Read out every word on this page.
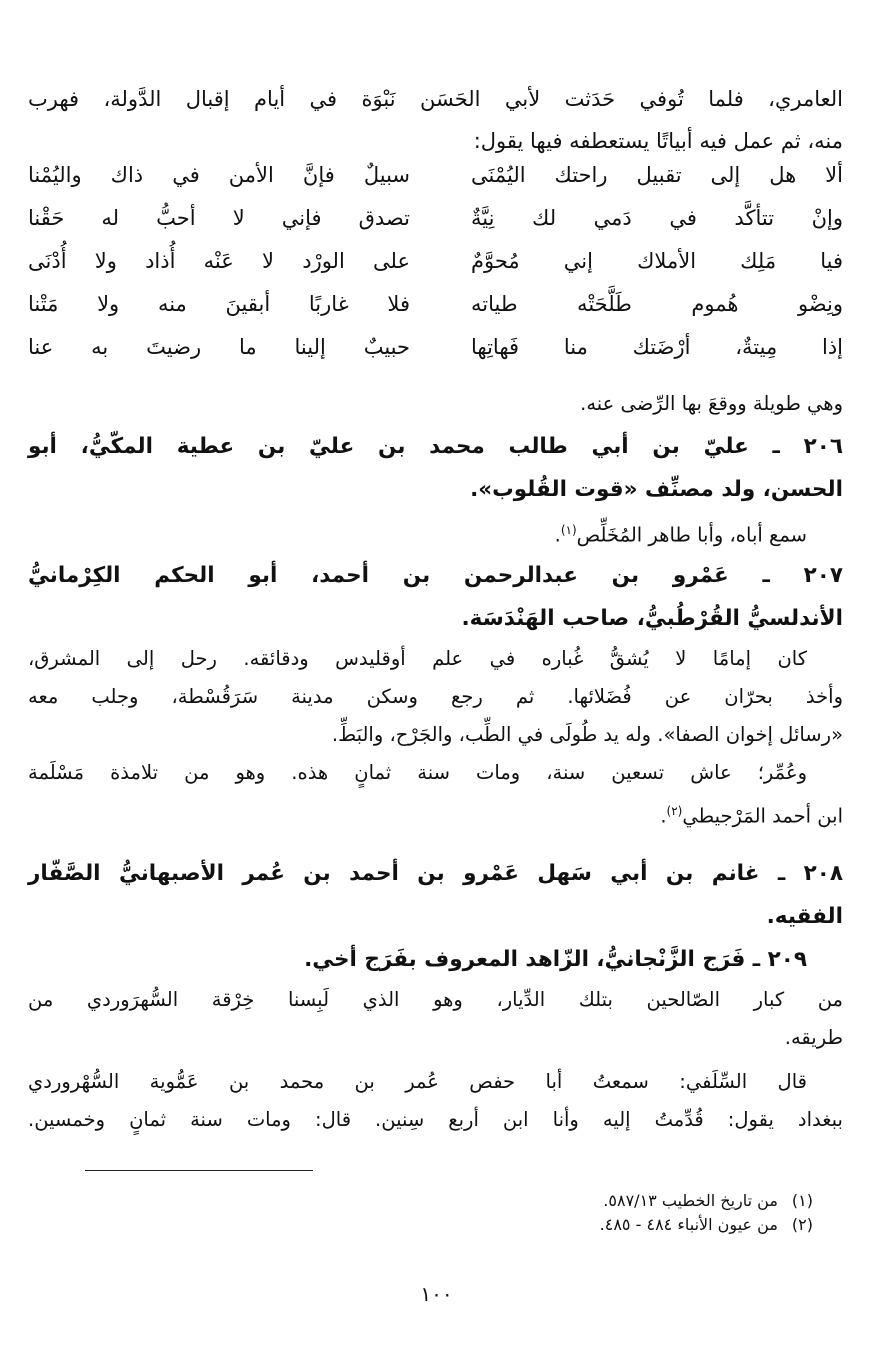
العامري، فلما تُوفي حَدَثت لأبي الحَسَن نَبْوَة في أيام إقبال الدَّولة، فهرب

منه، ثم عمل فيه أبياتًا يستعطفه فيها يقول:

ألا هل إلى تقبيل راحتك اليُمْنَى
سبيلٌ فإنَّ الأمن في ذاك واليُمْنا
وإنْ تتأكَّد في دَمي لك نِيَّةٌ
تصدق فإني لا أحبُّ له حَقْنا
فيا مَلِك الأملاك إني مُحوَّمٌ
على الورْد لا عَنْه أُذاد ولا أُدْنَى
ونِضْو هُموم طَلَّحَتْه طياته
فلا غاربًا أبقينَ منه ولا مَتْنا
إذا مِيتةٌ، أرْضَتك منا فَهاتِها
حبيبٌ إلينا ما رضيتَ به عنا

وهي طويلة ووقعَ بها الرِّضى عنه.

٢٠٦ ـ عليّ بن أبي طالب محمد بن عليّ بن عطية المكّيُّ، أبو

الحسن، ولد مصنِّف «قوت القُلوب».

سمع أباه، وأبا طاهر المُخَلِّص$^{(١)}$.

٢٠٧ ـ عَمْرو بن عبدالرحمن بن أحمد، أبو الحكم الكِرْمانيُّ

الأندلسيُّ القُرْطُبيُّ، صاحب الهَنْدَسَة.

كان إمامًا لا يُشقُّ غُباره في علم أوقليدس ودقائقه. رحل إلى المشرق،

وأخذ بحرّان عن فُضَلائها. ثم رجع وسكن مدينة سَرَقُسْطة، وجلب معه

«رسائل إخوان الصفا». وله يد طُولَى في الطِّب، والجَرْح، والبَطِّ.

وعُمِّر؛ عاش تسعين سنة، ومات سنة ثمانٍ هذه. وهو من تلامذة مَسْلَمة

ابن أحمد المَرْجيطي$^{(٢)}$.

٢٠٨ ـ غانم بن أبي سَهل عَمْرو بن أحمد بن عُمر الأصبهانيُّ الصَّفّار

الفقيه.

٢٠٩ ـ فَرَج الزَّنْجانيُّ، الزّاهد المعروف بفَرَج أخي.

من كبار الصّالحين بتلك الدِّيار، وهو الذي لَبِسنا خِرْقة السُّهرَوردي من

طريقه.

قال السِّلَفي: سمعتُ أبا حفص عُمر بن محمد بن عَمُّوية السُّهْروردي

ببغداد يقول: قُدِّمتُ إليه وأنا ابن أربع سِنين. قال: ومات سنة ثمانٍ وخمسين.

(١) من تاريخ الخطيب ٥٨٧/١٣.
(٢) من عيون الأنباء ٤٨٤ - ٤٨٥.
١٠٠
